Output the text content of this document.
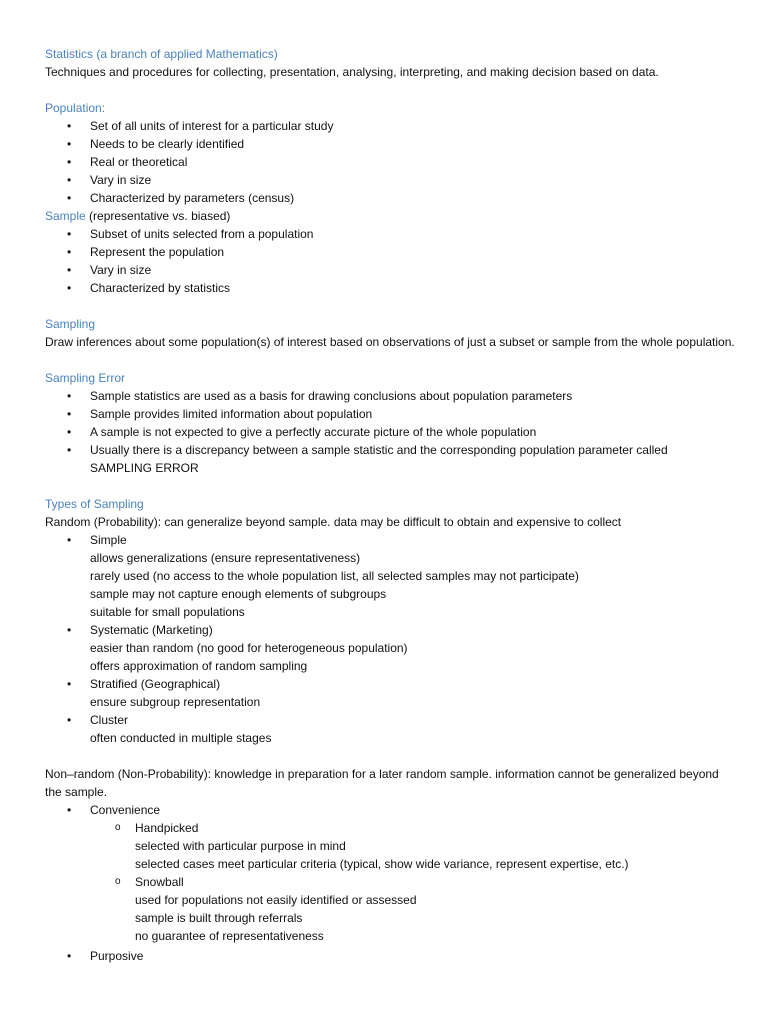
Statistics (a branch of applied Mathematics)
Techniques and procedures for collecting, presentation, analysing, interpreting, and making decision based on data.
Population:
• Set of all units of interest for a particular study
• Needs to be clearly identified
• Real or theoretical
• Vary in size
• Characterized by parameters (census)
Sample (representative vs. biased)
• Subset of units selected from a population
• Represent the population
• Vary in size
• Characterized by statistics
Sampling
Draw inferences about some population(s) of interest based on observations of just a subset or sample from the whole population.
Sampling Error
• Sample statistics are used as a basis for drawing conclusions about population parameters
• Sample provides limited information about population
• A sample is not expected to give a perfectly accurate picture of the whole population
• Usually there is a discrepancy between a sample statistic and the corresponding population parameter called SAMPLING ERROR
Types of Sampling
Random (Probability): can generalize beyond sample. data may be difficult to obtain and expensive to collect
• Simple
allows generalizations (ensure representativeness)
rarely used (no access to the whole population list, all selected samples may not participate)
sample may not capture enough elements of subgroups
suitable for small populations
• Systematic (Marketing)
easier than random (no good for heterogeneous population)
offers approximation of random sampling
• Stratified (Geographical)
ensure subgroup representation
• Cluster
often conducted in multiple stages
Non–random (Non-Probability): knowledge in preparation for a later random sample. information cannot be generalized beyond the sample.
• Convenience
o Handpicked
selected with particular purpose in mind
selected cases meet particular criteria (typical, show wide variance, represent expertise, etc.)
o Snowball
used for populations not easily identified or assessed
sample is built through referrals
no guarantee of representativeness
• Purposive
